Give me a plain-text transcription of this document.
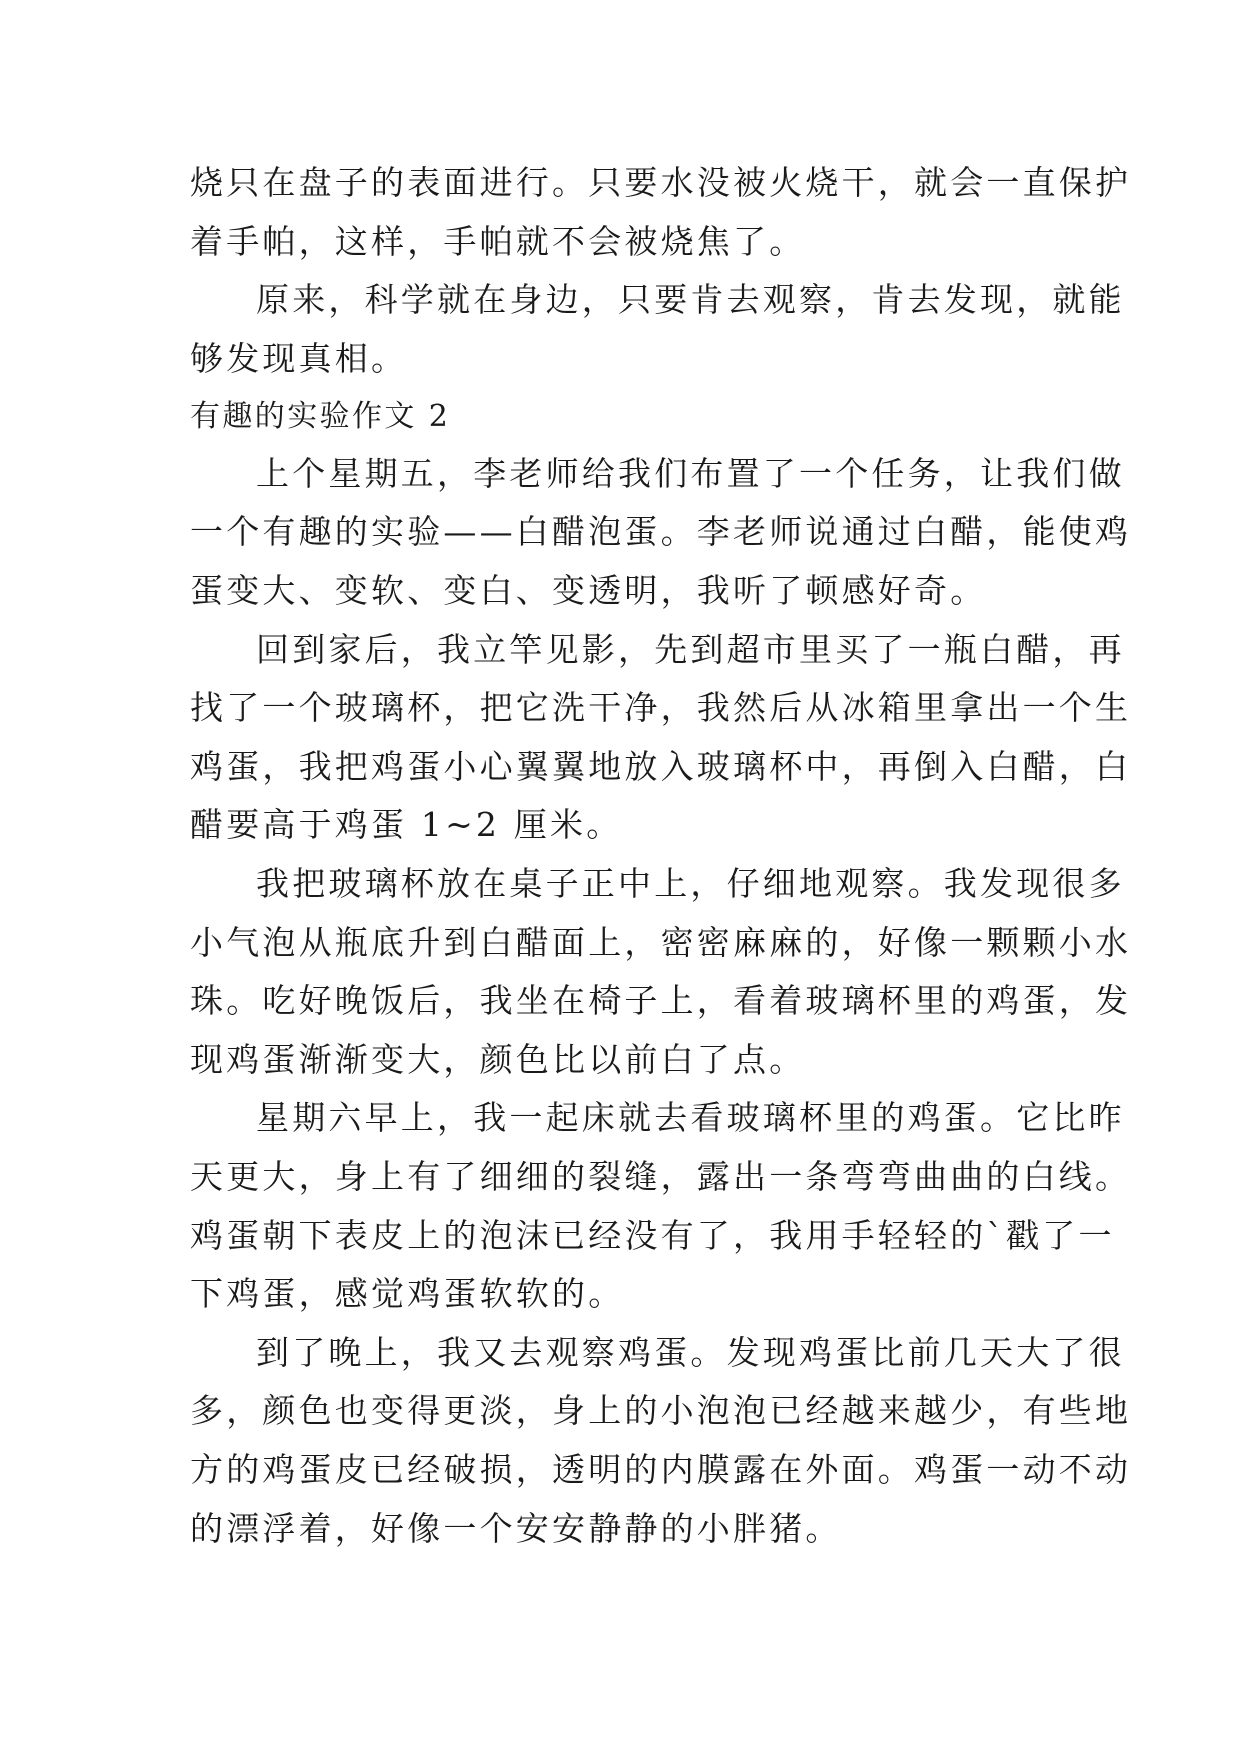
烧只在盘子的表面进行。只要水没被火烧干，就会一直保护
着手帕，这样，手帕就不会被烧焦了。
原来，科学就在身边，只要肯去观察，肯去发现，就能
够发现真相。
有趣的实验作文 2
上个星期五，李老师给我们布置了一个任务，让我们做
一个有趣的实验——白醋泡蛋。李老师说通过白醋，能使鸡
蛋变大、变软、变白、变透明，我听了顿感好奇。
回到家后，我立竿见影，先到超市里买了一瓶白醋，再
找了一个玻璃杯，把它洗干净，我然后从冰箱里拿出一个生
鸡蛋，我把鸡蛋小心翼翼地放入玻璃杯中，再倒入白醋，白
醋要高于鸡蛋 1~2 厘米。
我把玻璃杯放在桌子正中上，仔细地观察。我发现很多
小气泡从瓶底升到白醋面上，密密麻麻的，好像一颗颗小水
珠。吃好晚饭后，我坐在椅子上，看着玻璃杯里的鸡蛋，发
现鸡蛋渐渐变大，颜色比以前白了点。
星期六早上，我一起床就去看玻璃杯里的鸡蛋。它比昨
天更大，身上有了细细的裂缝，露出一条弯弯曲曲的白线。
鸡蛋朝下表皮上的泡沫已经没有了，我用手轻轻的`戳了一
下鸡蛋，感觉鸡蛋软软的。
到了晚上，我又去观察鸡蛋。发现鸡蛋比前几天大了很
多，颜色也变得更淡，身上的小泡泡已经越来越少，有些地
方的鸡蛋皮已经破损，透明的内膜露在外面。鸡蛋一动不动
的漂浮着，好像一个安安静静的小胖猪。
